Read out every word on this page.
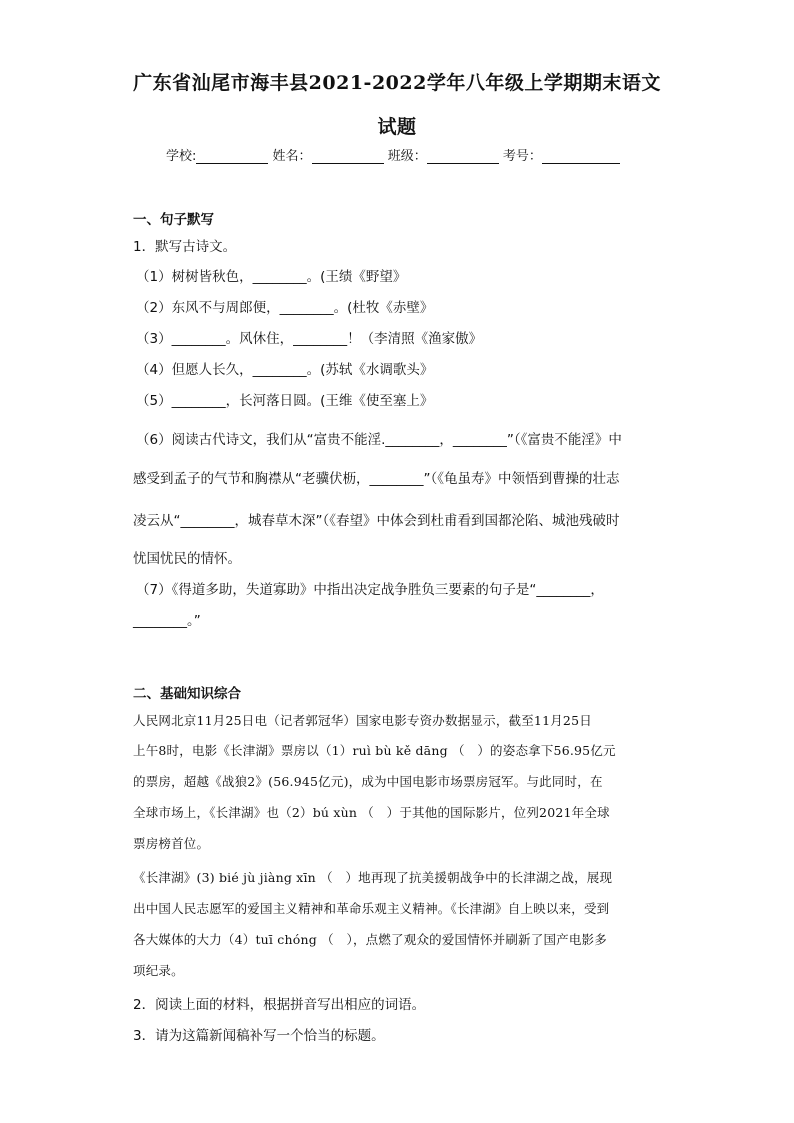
广东省汕尾市海丰县2021-2022学年八年级上学期期末语文
试题
学校:	姓名：	班级：	考号：
一、句子默写
1．默写古诗文。
（1）树树皆秋色，________。(王绩《野望》
（2）东风不与周郎便，________。(杜牧《赤壁》
（3）________。风休住，________！（李清照《渔家傲》
（4）但愿人长久，________。(苏轼《水调歌头》
（5）________，长河落日圆。(王维《使至塞上》
（6）阅读古代诗文，我们从“富贵不能淫.________，________”（《富贵不能淫》中
感受到孟子的气节和胸襟从“老骥伏枥，________”（《龟虽寿》中领悟到曹操的壮志
凌云从“________，城春草木深”（《春望》中体会到杜甫看到国都沦陷、城池残破时
忧国忧民的情怀。
（7）《得道多助，失道寡助》中指出决定战争胜负三要素的句子是“________，
________。”
二、基础知识综合
人民网北京11月25日电（记者郭冠华）国家电影专资办数据显示，截至11月25日
上午8时，电影《长津湖》票房以（1）ruì bù kě dāng （　）的姿态拿下56.95亿元
的票房，超越《战狼2》(56.945亿元)，成为中国电影市场票房冠军。与此同时，在
全球市场上，《长津湖》也（2）bú xùn （　）于其他的国际影片，位列2021年全球
票房榜首位。
《长津湖》(3) bié jù jiàng xīn （　）地再现了抗美援朝战争中的长津湖之战，展现
出中国人民志愿军的爱国主义精神和革命乐观主义精神。《长津湖》自上映以来，受到
各大媒体的大力（4）tuī chóng （　），点燃了观众的爱国情怀并刷新了国产电影多
项纪录。
2．阅读上面的材料，根据拼音写出相应的词语。
3．请为这篇新闻稿补写一个恰当的标题。
